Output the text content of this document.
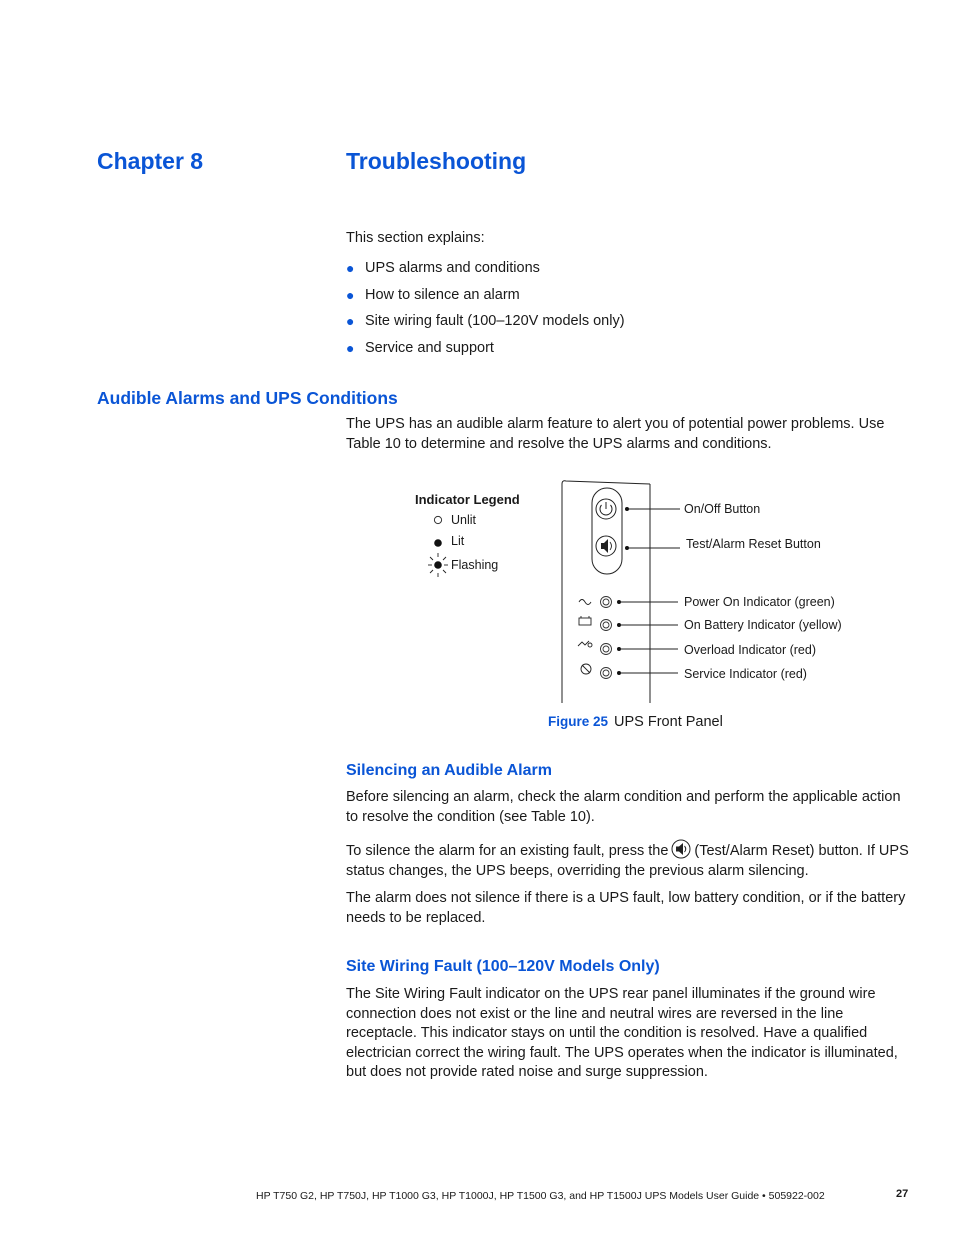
Chapter 8	Troubleshooting
This section explains:
● UPS alarms and conditions
● How to silence an alarm
● Site wiring fault (100–120V models only)
● Service and support
Audible Alarms and UPS Conditions
The UPS has an audible alarm feature to alert you of potential power problems. Use Table 10 to determine and resolve the UPS alarms and conditions.
Indicator Legend
Unlit
Lit
Flashing
On/Off Button
Test/Alarm Reset Button
Power On Indicator (green)
On Battery Indicator (yellow)
Overload Indicator (red)
Service Indicator (red)
Figure 25 UPS Front Panel
Silencing an Audible Alarm
Before silencing an alarm, check the alarm condition and perform the applicable action to resolve the condition (see Table 10).
To silence the alarm for an existing fault, press the (Test/Alarm Reset) button. If UPS status changes, the UPS beeps, overriding the previous alarm silencing.
The alarm does not silence if there is a UPS fault, low battery condition, or if the battery needs to be replaced.
Site Wiring Fault (100–120V Models Only)
The Site Wiring Fault indicator on the UPS rear panel illuminates if the ground wire connection does not exist or the line and neutral wires are reversed in the line receptacle. This indicator stays on until the condition is resolved. Have a qualified electrician correct the wiring fault. The UPS operates when the indicator is illuminated, but does not provide rated noise and surge suppression.
HP T750 G2, HP T750J, HP T1000 G3, HP T1000J, HP T1500 G3, and HP T1500J UPS Models User Guide • 505922-002	27
